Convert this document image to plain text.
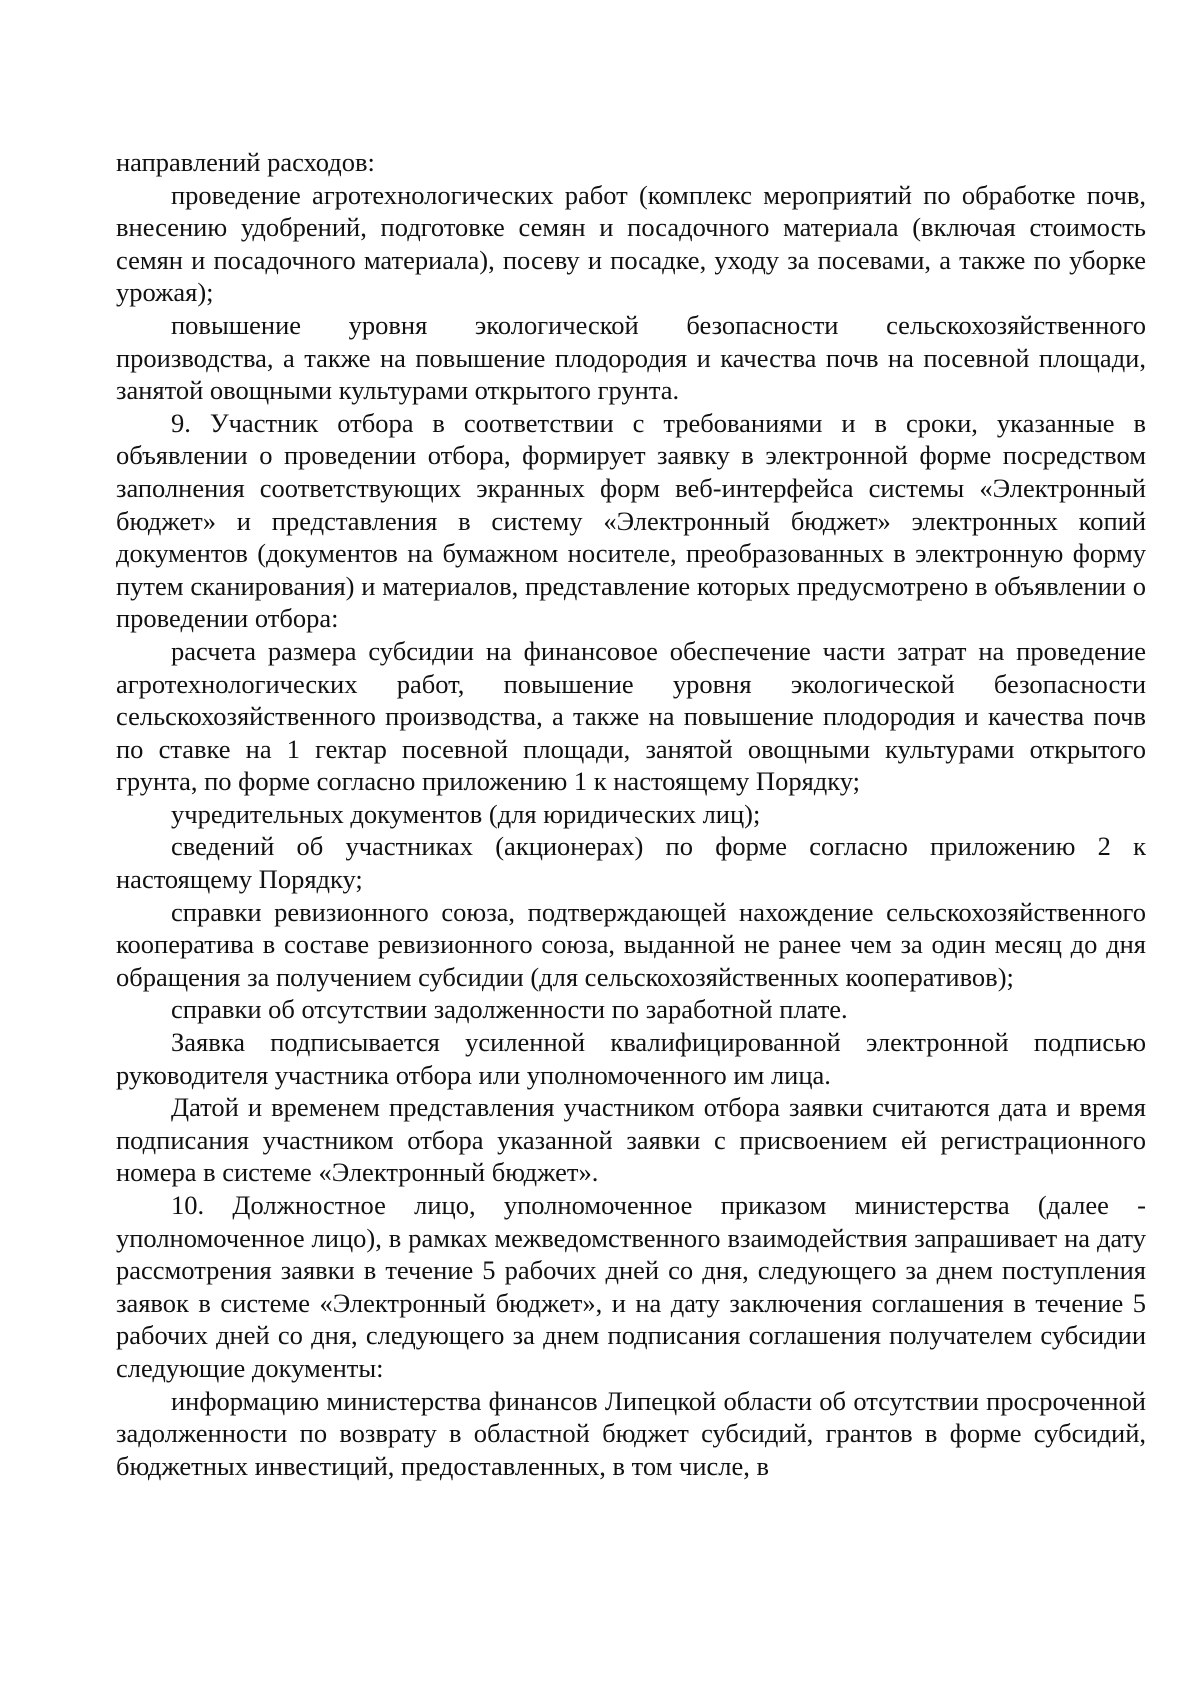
направлений расходов:

проведение агротехнологических работ (комплекс мероприятий по обработке почв, внесению удобрений, подготовке семян и посадочного материала (включая стоимость семян и посадочного материала), посеву и посадке, уходу за посевами, а также по уборке урожая);

повышение уровня экологической безопасности сельскохозяйственного производства, а также на повышение плодородия и качества почв на посевной площади, занятой овощными культурами открытого грунта.

9. Участник отбора в соответствии с требованиями и в сроки, указанные в объявлении о проведении отбора, формирует заявку в электронной форме посредством заполнения соответствующих экранных форм веб-интерфейса системы «Электронный бюджет» и представления в систему «Электронный бюджет» электронных копий документов (документов на бумажном носителе, преобразованных в электронную форму путем сканирования) и материалов, представление которых предусмотрено в объявлении о проведении отбора:

расчета размера субсидии на финансовое обеспечение части затрат на проведение агротехнологических работ, повышение уровня экологической безопасности сельскохозяйственного производства, а также на повышение плодородия и качества почв по ставке на 1 гектар посевной площади, занятой овощными культурами открытого грунта, по форме согласно приложению 1 к настоящему Порядку;

учредительных документов (для юридических лиц);

сведений об участниках (акционерах) по форме согласно приложению 2 к настоящему Порядку;

справки ревизионного союза, подтверждающей нахождение сельскохозяйственного кооператива в составе ревизионного союза, выданной не ранее чем за один месяц до дня обращения за получением субсидии (для сельскохозяйственных кооперативов);

справки об отсутствии задолженности по заработной плате.

Заявка подписывается усиленной квалифицированной электронной подписью руководителя участника отбора или уполномоченного им лица.

Датой и временем представления участником отбора заявки считаются дата и время подписания участником отбора указанной заявки с присвоением ей регистрационного номера в системе «Электронный бюджет».

10. Должностное лицо, уполномоченное приказом министерства (далее - уполномоченное лицо), в рамках межведомственного взаимодействия запрашивает на дату рассмотрения заявки в течение 5 рабочих дней со дня, следующего за днем поступления заявок в системе «Электронный бюджет», и на дату заключения соглашения в течение 5 рабочих дней со дня, следующего за днем подписания соглашения получателем субсидии следующие документы:

информацию министерства финансов Липецкой области об отсутствии просроченной задолженности по возврату в областной бюджет субсидий, грантов в форме субсидий, бюджетных инвестиций, предоставленных, в том числе, в
